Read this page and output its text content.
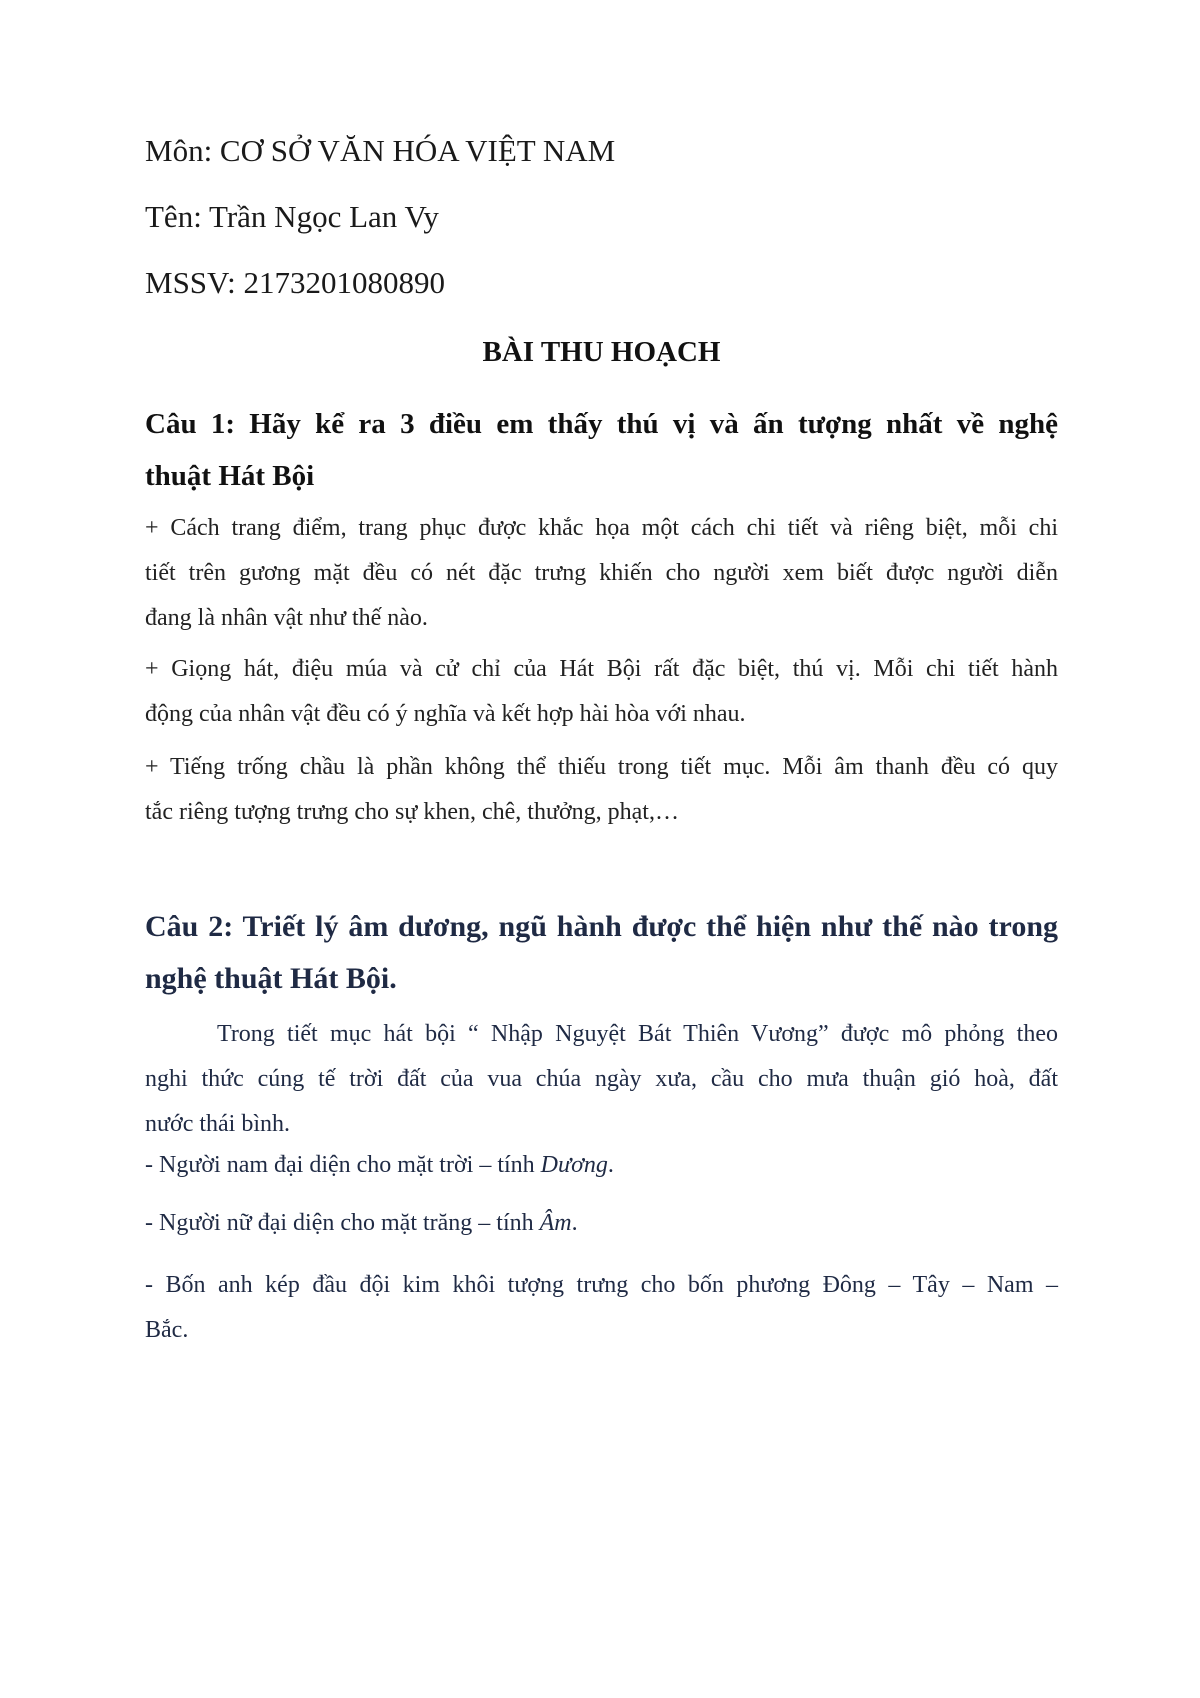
Môn: CƠ SỞ VĂN HÓA VIỆT NAM

Tên: Trần Ngọc Lan Vy

MSSV: 2173201080890

BÀI THU HOẠCH

Câu 1: Hãy kể ra 3 điều em thấy thú vị và ấn tượng nhất về nghệ
thuật Hát Bội
+ Cách trang điểm, trang phục được khắc họa một cách chi tiết và riêng biệt, mỗi chi
tiết trên gương mặt đều có nét đặc trưng khiến cho người xem biết được người diễn
đang là nhân vật như thế nào.
+ Giọng hát, điệu múa và cử chỉ của Hát Bội rất đặc biệt, thú vị. Mỗi chi tiết hành
động của nhân vật đều có ý nghĩa và kết hợp hài hòa với nhau.
+ Tiếng trống chầu là phần không thể thiếu trong tiết mục. Mỗi âm thanh đều có quy
tắc riêng tượng trưng cho sự khen, chê, thưởng, phạt,…
Câu 2: Triết lý âm dương, ngũ hành được thể hiện như thế nào trong
nghệ thuật Hát Bội.
Trong tiết mục hát bội “ Nhập Nguyệt Bát Thiên Vương” được mô phỏng theo
nghi thức cúng tế trời đất của vua chúa ngày xưa, cầu cho mưa thuận gió hoà, đất
nước thái bình.

- Người nam đại diện cho mặt trời – tính Dương.

- Người nữ đại diện cho mặt trăng – tính Âm.

- Bốn anh kép đầu đội kim khôi tượng trưng cho bốn phương Đông – Tây – Nam –
Bắc.
